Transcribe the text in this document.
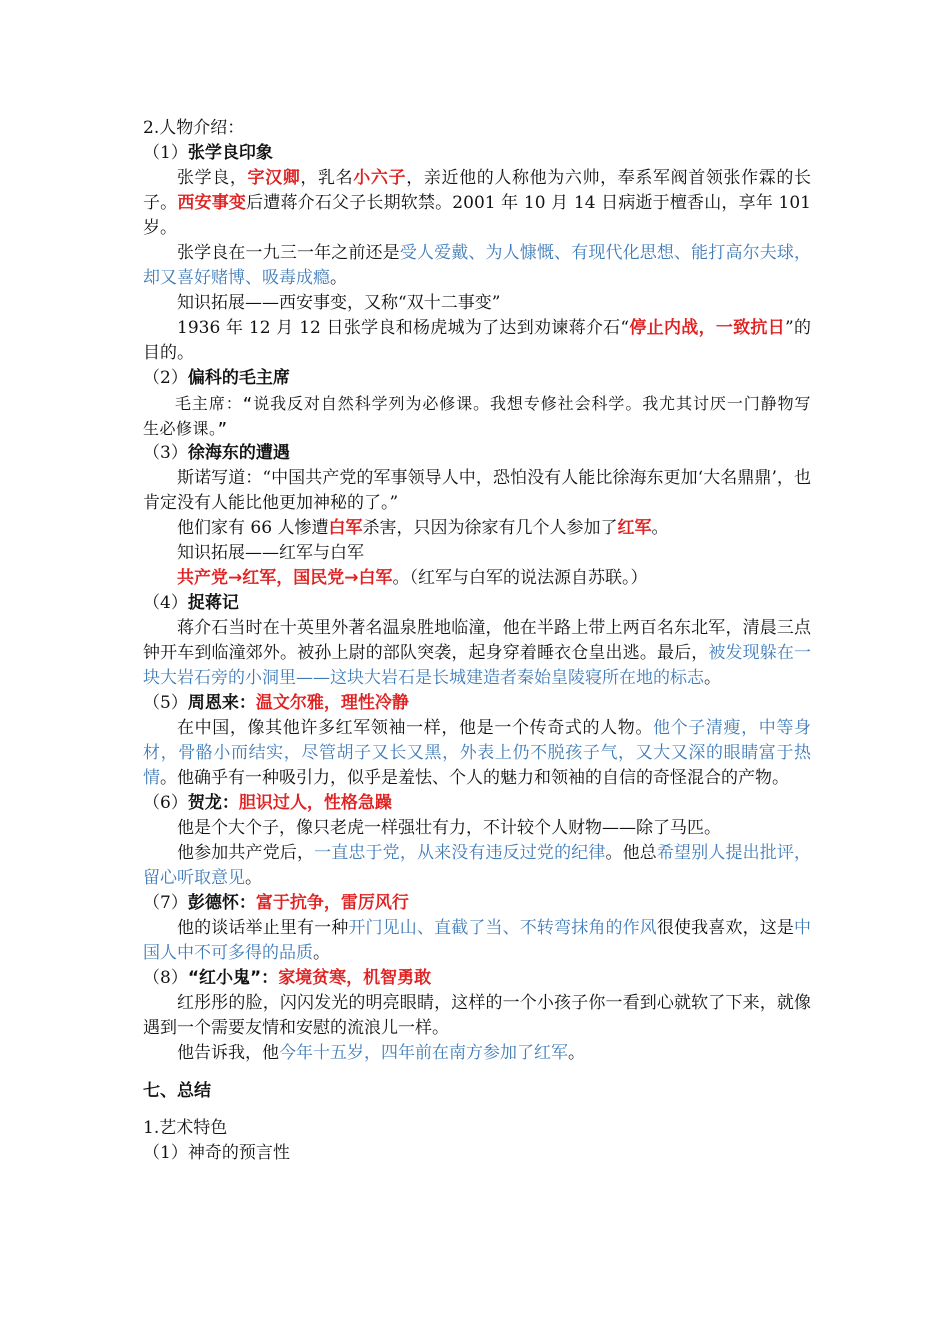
2.人物介绍：

（1）张学良印象

张学良，字汉卿，乳名小六子，亲近他的人称他为六帅，奉系军阀首领张作霖的长子。西安事变后遭蒋介石父子长期软禁。2001 年 10 月 14 日病逝于檀香山，享年 101 岁。

张学良在一九三一年之前还是受人爱戴、为人慷慨、有现代化思想、能打高尔夫球，却又喜好赌博、吸毒成瘾。

知识拓展——西安事变，又称“双十二事变”

1936 年 12 月 12 日张学良和杨虎城为了达到劝谏蒋介石“停止内战，一致抗日”的目的。

（2）偏科的毛主席

毛主席：“说我反对自然科学列为必修课。我想专修社会科学。我尤其讨厌一门静物写生必修课。”

（3）徐海东的遭遇

斯诺写道：“中国共产党的军事领导人中，恐怕没有人能比徐海东更加‘大名鼎鼎’，也肯定没有人能比他更加神秘的了。”

他们家有 66 人惨遭白军杀害，只因为徐家有几个人参加了红军。

知识拓展——红军与白军

共产党→红军，国民党→白军。（红军与白军的说法源自苏联。）

（4）捉蒋记

蒋介石当时在十英里外著名温泉胜地临潼，他在半路上带上两百名东北军，清晨三点钟开车到临潼郊外。被孙上尉的部队突袭，起身穿着睡衣仓皇出逃。最后，被发现躲在一块大岩石旁的小洞里——这块大岩石是长城建造者秦始皇陵寝所在地的标志。

（5）周恩来：温文尔雅，理性冷静

在中国，像其他许多红军领袖一样，他是一个传奇式的人物。他个子清瘦，中等身材，骨骼小而结实，尽管胡子又长又黑，外表上仍不脱孩子气，又大又深的眼睛富于热情。他确乎有一种吸引力，似乎是羞怯、个人的魅力和领袖的自信的奇怪混合的产物。

（6）贺龙：胆识过人，性格急躁

他是个大个子，像只老虎一样强壮有力，不计较个人财物——除了马匹。

他参加共产党后，一直忠于党，从来没有违反过党的纪律。他总希望别人提出批评，留心听取意见。

（7）彭德怀：富于抗争，雷厉风行

他的谈话举止里有一种开门见山、直截了当、不转弯抹角的作风很使我喜欢，这是中国人中不可多得的品质。

（8）“红小鬼”：家境贫寒，机智勇敢

红彤彤的脸，闪闪发光的明亮眼睛，这样的一个小孩子你一看到心就软了下来，就像遇到一个需要友情和安慰的流浪儿一样。

他告诉我，他今年十五岁，四年前在南方参加了红军。

七、总结

1.艺术特色

（1）神奇的预言性
